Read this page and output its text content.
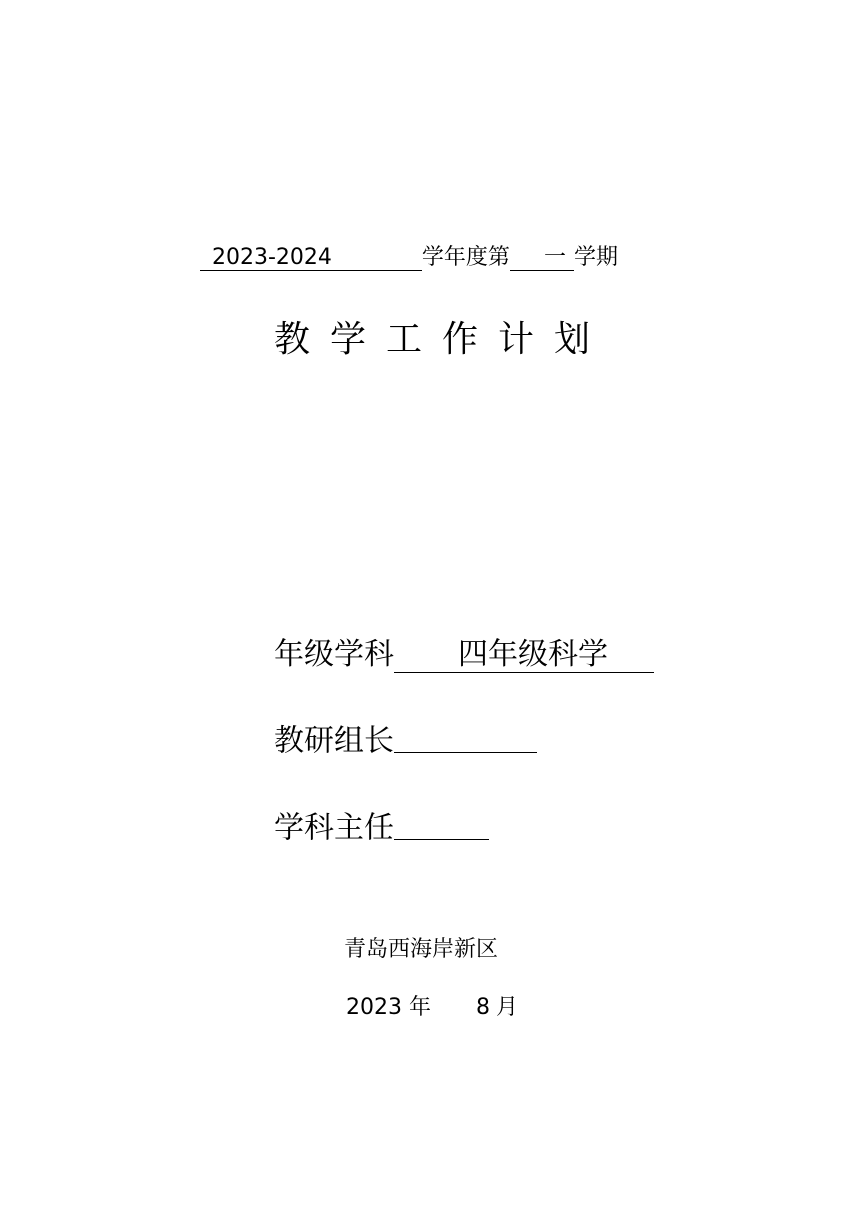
2023-2024	学年度第 一 学期
教学工作计划
年级学科 四年级科学
教研组长
学科主任
青岛西海岸新区
2023 年 8 月
